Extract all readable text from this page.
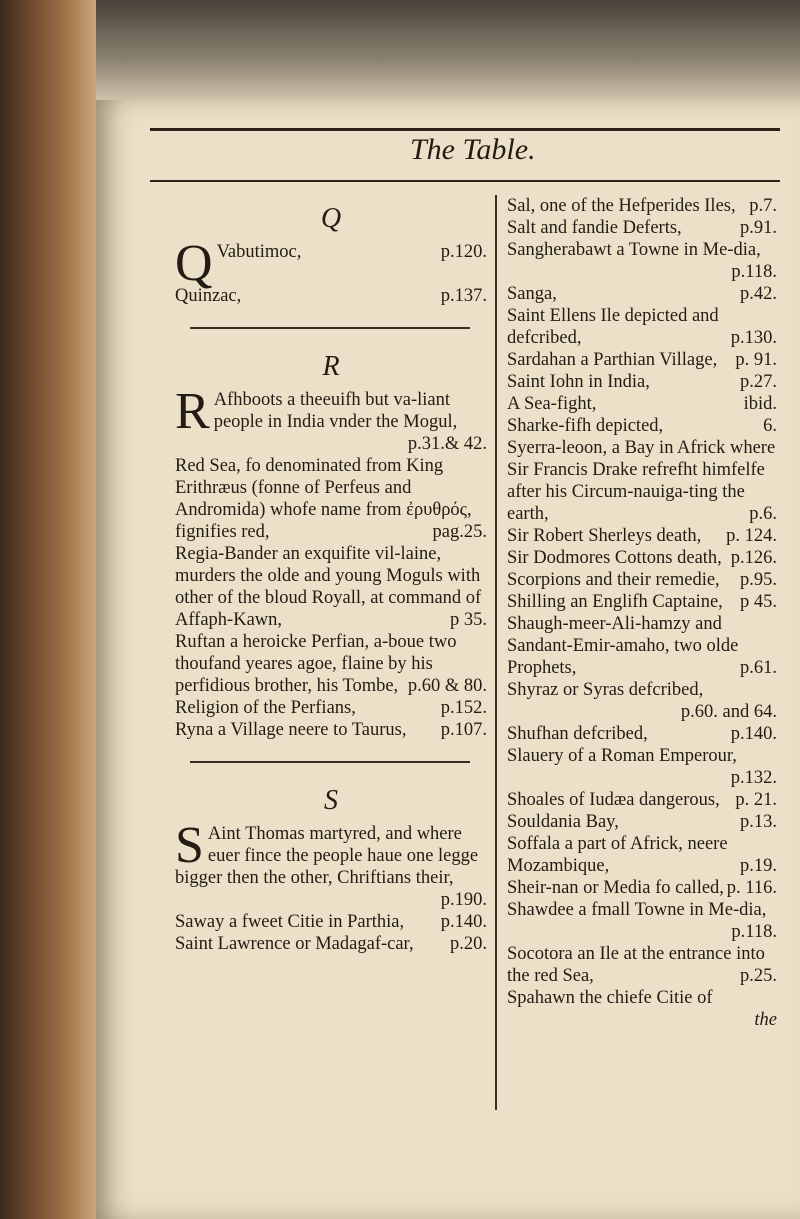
The Table.
Q
Q Vabutimoc,	p.120.
Quinzac,	p.137.
R
R Afhboots a theeuifh but va-liant people in India vnder the Mogul,
p.31.& 42.
Red Sea, fo denominated from King Erithræus (fonne of Perfeus and Andromida) whofe name from ἐρυθρός, fignifies red,	pag.25.
Regia-Bander an exquifite vil-laine, murders the olde and young Moguls with other of the bloud Royall, at command of Affaph-Kawn,	p 35.
Ruftan a heroicke Perfian, a-boue two thoufand yeares agoe, flaine by his perfidious brother, his Tombe, p.60 & 80.
Religion of the Perfians,	p.152.
Ryna a Village neere to Taurus, p.107.
S
S Aint Thomas martyred, and where euer fince the people haue one legge bigger then the other, Chriftians their,
p.190.
Saway a fweet Citie in Parthia, p.140.
Saint Lawrence or Madagaf-car, p.20.
Sal, one of the Hefperides Iles, p.7.
Salt and fandie Deferts,	p.91.
Sangherabawt a Towne in Me-dia,
p.118.
Sanga,	p.42.
Saint Ellens Ile depicted and defcribed,	p.130.
Sardahan a Parthian Village, p. 91.
Saint Iohn in India,	p.27.
A Sea-fight,	ibid.
Sharke-fifh depicted,	6.
Syerra-leoon, a Bay in Africk where Sir Francis Drake refrefht himfelfe after his Circum-nauiga-ting the earth,	p.6.
Sir Robert Sherleys death, p. 124.
Sir Dodmores Cottons death, p.126.
Scorpions and their remedie, p.95.
Shilling an Englifh Captaine, p 45.
Shaugh-meer-Ali-hamzy and Sandant-Emir-amaho, two olde Prophets,	p.61.
Shyraz or Syras defcribed,
p.60. and 64.
Shufhan defcribed,	p.140.
Slauery of a Roman Emperour,
p.132.
Shoales of Iudæa dangerous, p. 21.
Souldania Bay,	p.13.
Soffala a part of Africk, neere Mozambique,	p.19.
Sheir-nan or Media fo called, p. 116.
Shawdee a fmall Towne in Me-dia,
p.118.
Socotora an Ile at the entrance into the red Sea,	p.25.
Spahawn the chiefe Citie of
the
